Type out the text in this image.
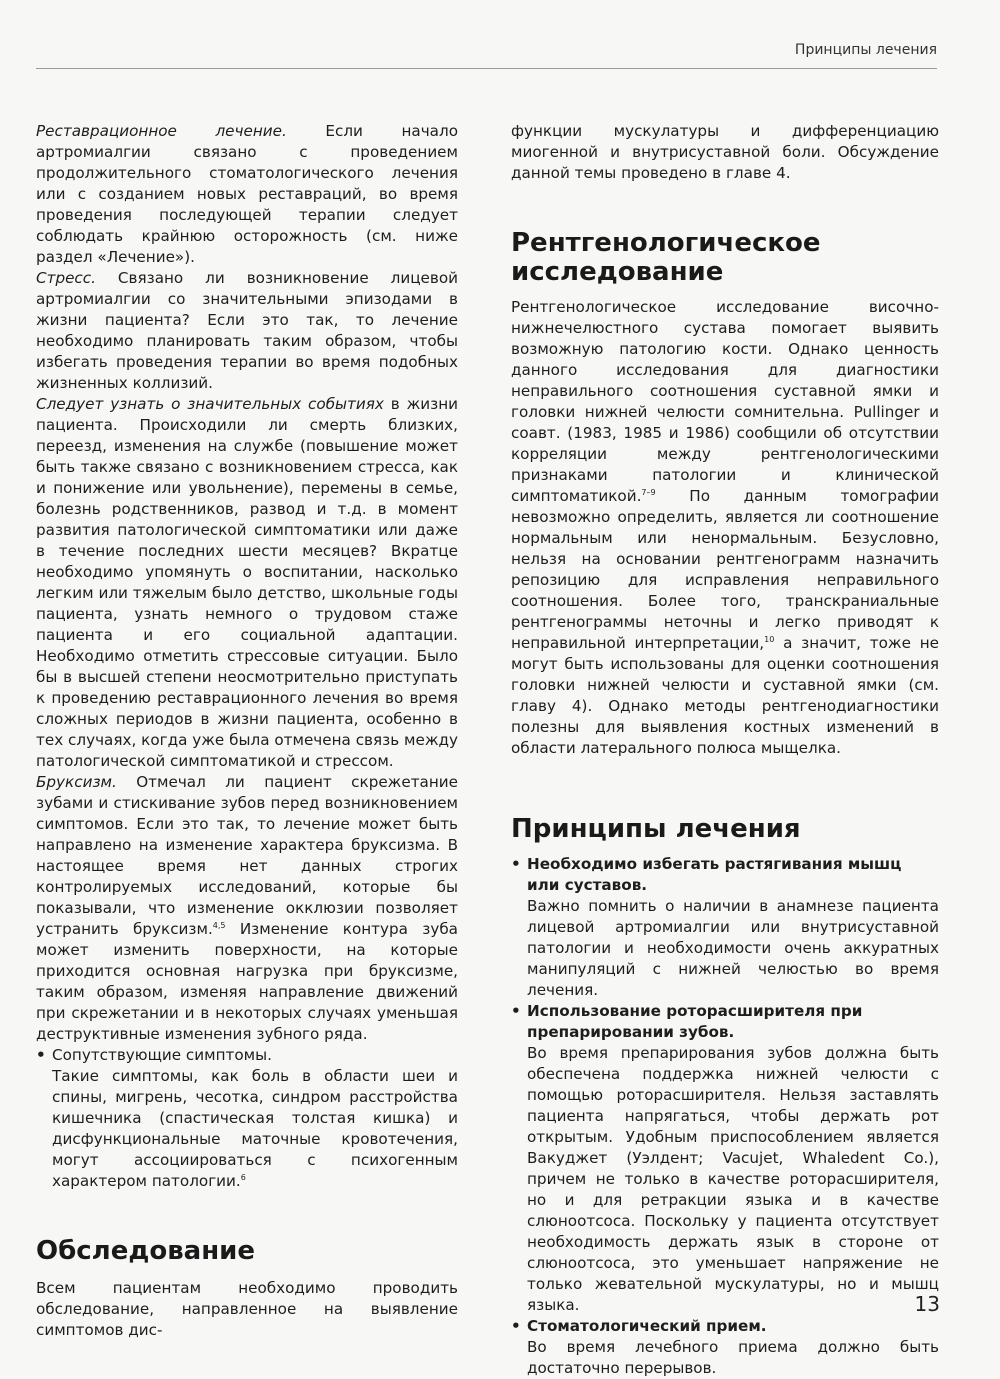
Принципы лечения

Реставрационное лечение. Если начало артромиалгии связано с проведением продолжительного стоматологического лечения или с созданием новых реставраций, во время проведения последующей терапии следует соблюдать крайнюю осторожность (см. ниже раздел «Лечение»).

Стресс. Связано ли возникновение лицевой артромиалгии со значительными эпизодами в жизни пациента? Если это так, то лечение необходимо планировать таким образом, чтобы избегать проведения терапии во время подобных жизненных коллизий.

Следует узнать о значительных событиях в жизни пациента. Происходили ли смерть близких, переезд, изменения на службе (повышение может быть также связано с возникновением стресса, как и понижение или увольнение), перемены в семье, болезнь родственников, развод и т.д. в момент развития патологической симптоматики или даже в течение последних шести месяцев? Вкратце необходимо упомянуть о воспитании, насколько легким или тяжелым было детство, школьные годы пациента, узнать немного о трудовом стаже пациента и его социальной адаптации. Необходимо отметить стрессовые ситуации. Было бы в высшей степени неосмотрительно приступать к проведению реставрационного лечения во время сложных периодов в жизни пациента, особенно в тех случаях, когда уже была отмечена связь между патологической симптоматикой и стрессом.

Бруксизм. Отмечал ли пациент скрежетание зубами и стискивание зубов перед возникновением симптомов. Если это так, то лечение может быть направлено на изменение характера бруксизма. В настоящее время нет данных строгих контролируемых исследований, которые бы показывали, что изменение окклюзии позволяет устранить бруксизм.$^{4,5}$ Изменение контура зуба может изменить поверхности, на которые приходится основная нагрузка при бруксизме, таким образом, изменяя направление движений при скрежетании и в некоторых случаях уменьшая деструктивные изменения зубного ряда.

• Сопутствующие симптомы.

Такие симптомы, как боль в области шеи и спины, мигрень, чесотка, синдром расстройства кишечника (спастическая толстая кишка) и дисфункциональные маточные кровотечения, могут ассоциироваться с психогенным характером патологии.$^6$

Обследование

Всем пациентам необходимо проводить обследование, направленное на выявление симптомов дис-

функции мускулатуры и дифференциацию миогенной и внутрисуставной боли. Обсуждение данной темы проведено в главе 4.

Рентгенологическое исследование

Рентгенологическое исследование височно-нижнечелюстного сустава помогает выявить возможную патологию кости. Однако ценность данного исследования для диагностики неправильного соотношения суставной ямки и головки нижней челюсти сомнительна. Pullinger и соавт. (1983, 1985 и 1986) сообщили об отсутствии корреляции между рентгенологическими признаками патологии и клинической симптоматикой.$^{7-9}$ По данным томографии невозможно определить, является ли соотношение нормальным или ненормальным. Безусловно, нельзя на основании рентгенограмм назначить репозицию для исправления неправильного соотношения. Более того, транскраниальные рентгенограммы неточны и легко приводят к неправильной интерпретации,$^{10}$ а значит, тоже не могут быть использованы для оценки соотношения головки нижней челюсти и суставной ямки (см. главу 4). Однако методы рентгенодиагностики полезны для выявления костных изменений в области латерального полюса мыщелка.

Принципы лечения
• Необходимо избегать растягивания мышц или суставов.

Важно помнить о наличии в анамнезе пациента лицевой артромиалгии или внутрисуставной патологии и необходимости очень аккуратных манипуляций с нижней челюстью во время лечения.

• Использование роторасширителя при препарировании зубов.

Во время препарирования зубов должна быть обеспечена поддержка нижней челюсти с помощью роторасширителя. Нельзя заставлять пациента напрягаться, чтобы держать рот открытым. Удобным приспособлением является Вакуджет (Уэлдент; Vacujet, Whaledent Co.), причем не только в качестве роторасширителя, но и для ретракции языка и в качестве слюноотсоса. Поскольку у пациента отсутствует необходимость держать язык в стороне от слюноотсоса, это уменьшает напряжение не только жевательной мускулатуры, но и мышц языка.

• Стоматологический прием.

Во время лечебного приема должно быть достаточно перерывов.

13
